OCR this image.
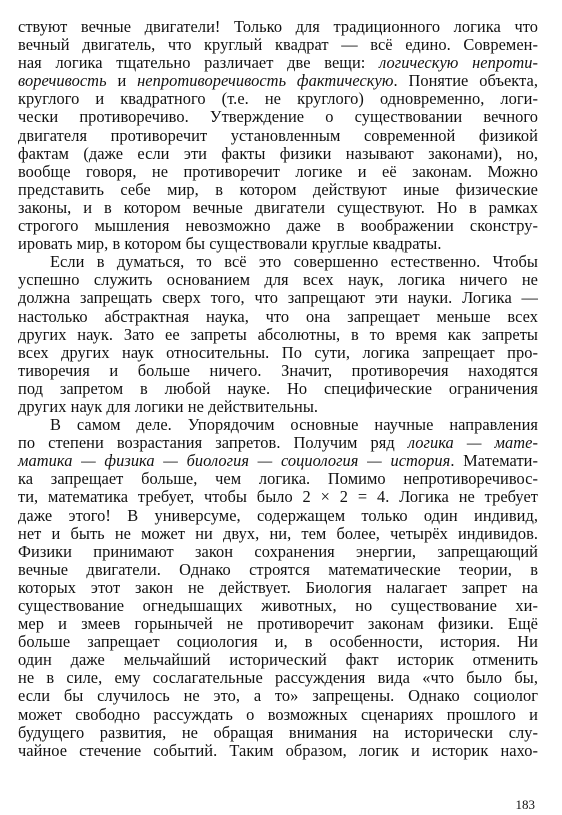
ствуют вечные двигатели! Только для традиционного логика что
вечный двигатель, что круглый квадрат — всё едино. Современ-
ная логика тщательно различает две вещи: логическую непроти-
воречивость и непротиворечивость фактическую. Понятие объекта,
круглого и квадратного (т.е. не круглого) одновременно, логи-
чески противоречиво. Утверждение о существовании вечного
двигателя противоречит установленным современной физикой
фактам (даже если эти факты физики называют законами), но,
вообще говоря, не противоречит логике и её законам. Можно
представить себе мир, в котором действуют иные физические
законы, и в котором вечные двигатели существуют. Но в рамках
строгого мышления невозможно даже в воображении сконстру-
ировать мир, в котором бы существовали круглые квадраты.
Если в думаться, то всё это совершенно естественно. Чтобы
успешно служить основанием для всех наук, логика ничего не
должна запрещать сверх того, что запрещают эти науки. Логика —
настолько абстрактная наука, что она запрещает меньше всех
других наук. Зато ее запреты абсолютны, в то время как запреты
всех других наук относительны. По сути, логика запрещает про-
тиворечия и больше ничего. Значит, противоречия находятся
под запретом в любой науке. Но специфические ограничения
других наук для логики не действительны.
В самом деле. Упорядочим основные научные направления
по степени возрастания запретов. Получим ряд логика — мате-
матика — физика — биология — социология — история. Математи-
ка запрещает больше, чем логика. Помимо непротиворечивос-
ти, математика требует, чтобы было 2 × 2 = 4. Логика не требует
даже этого! В универсуме, содержащем только один индивид,
нет и быть не может ни двух, ни, тем более, четырёх индивидов.
Физики принимают закон сохранения энергии, запрещающий
вечные двигатели. Однако строятся математические теории, в
которых этот закон не действует. Биология налагает запрет на
существование огнедышащих животных, но существование хи-
мер и змеев горынычей не противоречит законам физики. Ещё
больше запрещает социология и, в особенности, история. Ни
один даже мельчайший исторический факт историк отменить
не в силе, ему сослагательные рассуждения вида «что было бы,
если бы случилось не это, а то» запрещены. Однако социолог
может свободно рассуждать о возможных сценариях прошлого и
будущего развития, не обращая внимания на исторически слу-
чайное стечение событий. Таким образом, логик и историк нахо-
183
